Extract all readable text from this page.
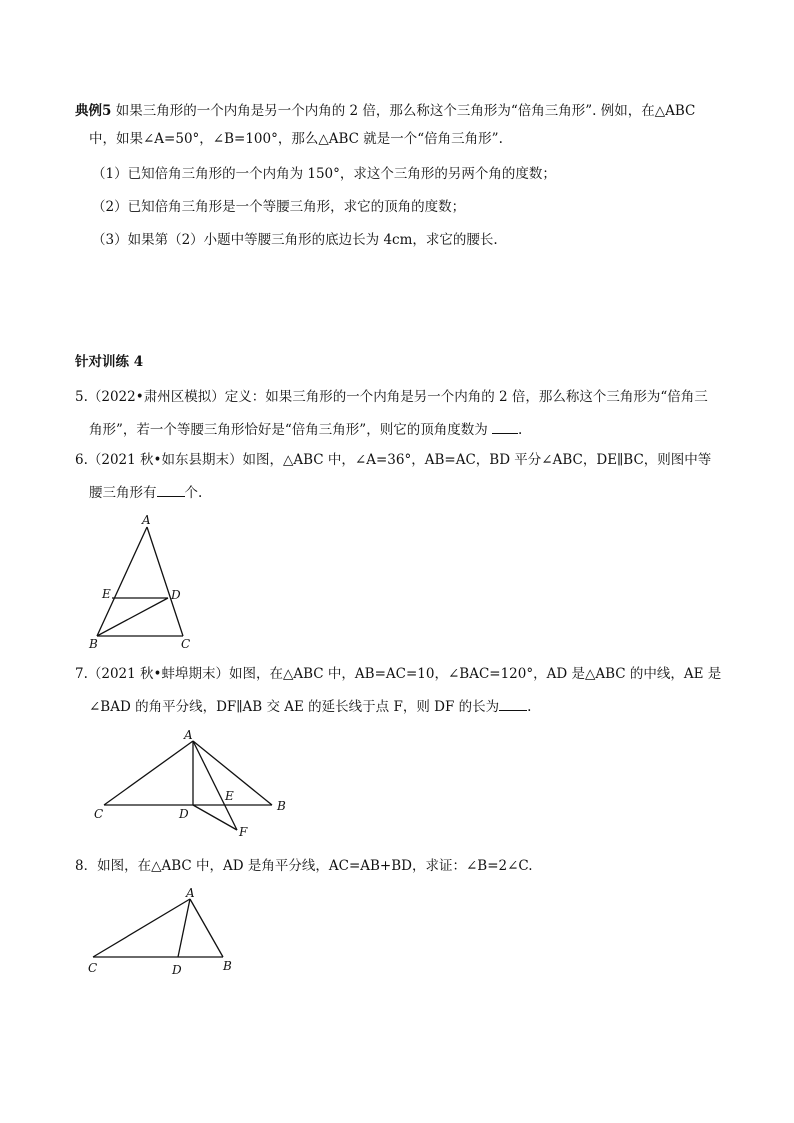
典例5 如果三角形的一个内角是另一个内角的 2 倍，那么称这个三角形为“倍角三角形”. 例如，在△ABC
中，如果∠A=50°，∠B=100°，那么△ABC 就是一个“倍角三角形”.
（1）已知倍角三角形的一个内角为 150°，求这个三角形的另两个角的度数；
（2）已知倍角三角形是一个等腰三角形，求它的顶角的度数；
（3）如果第（2）小题中等腰三角形的底边长为 4cm，求它的腰长.
针对训练 4
5.（2022•肃州区模拟）定义：如果三角形的一个内角是另一个内角的 2 倍，那么称这个三角形为“倍角三
角形”，若一个等腰三角形恰好是“倍角三角形”，则它的顶角度数为 .
6.（2021 秋•如东县期末）如图，△ABC 中，∠A=36°，AB=AC，BD 平分∠ABC，DE∥BC，则图中等
腰三角形有 个.
A
B	C
D
E
7.（2021 秋•蚌埠期末）如图，在△ABC 中，AB=AC=10，∠BAC=120°，AD 是△ABC 的中线，AE 是
∠BAD 的角平分线，DF∥AB 交 AE 的延长线于点 F，则 DF 的长为 .
A
B
C	D
E
F
8．如图，在△ABC 中，AD 是角平分线，AC=AB+BD，求证：∠B=2∠C.
A
B
C	D
